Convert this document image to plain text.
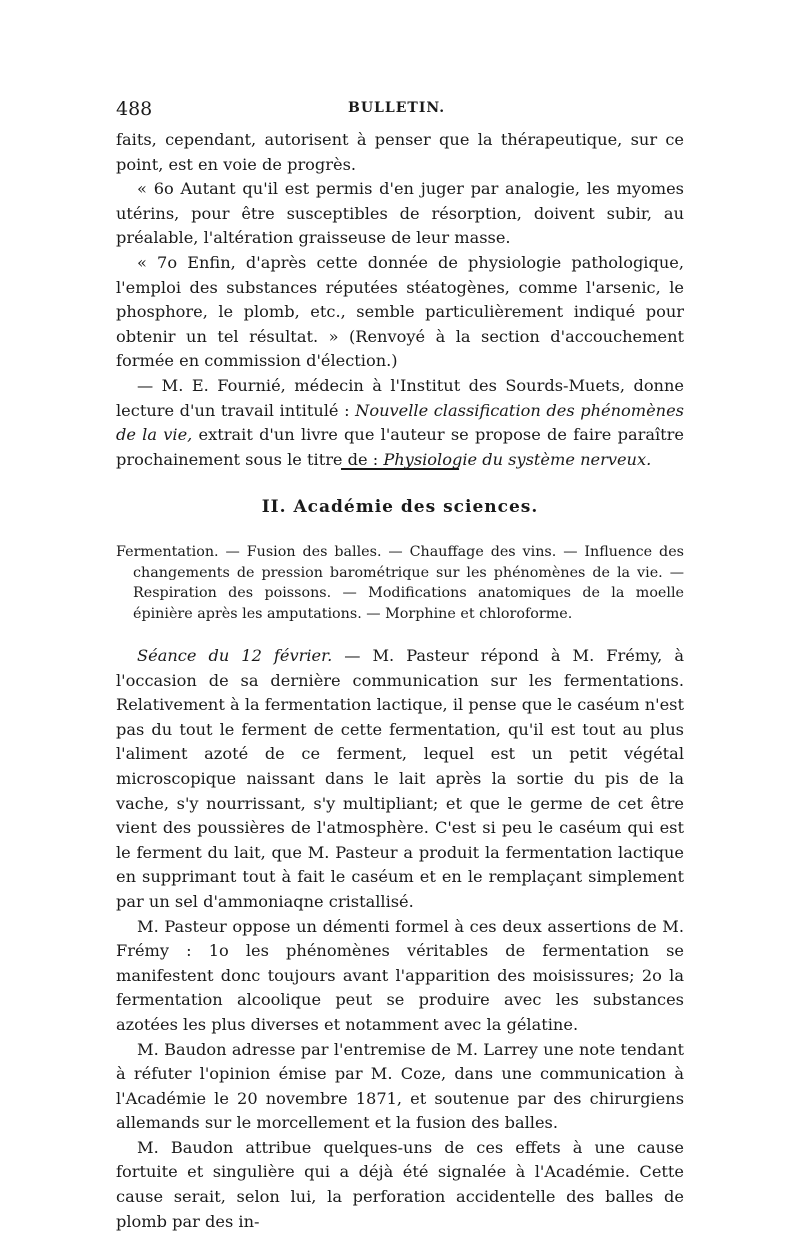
488	BULLETIN.

faits, cependant, autorisent à penser que la thérapeutique, sur ce point, est en voie de progrès.

« 6o Autant qu'il est permis d'en juger par analogie, les myomes utérins, pour être susceptibles de résorption, doivent subir, au préalable, l'altération graisseuse de leur masse.

« 7o Enfin, d'après cette donnée de physiologie pathologique, l'emploi des substances réputées stéatogènes, comme l'arsenic, le phosphore, le plomb, etc., semble particulièrement indiqué pour obtenir un tel résultat. » (Renvoyé à la section d'accouchement formée en commission d'élection.)

— M. E. Fournié, médecin à l'Institut des Sourds-Muets, donne lecture d'un travail intitulé : Nouvelle classification des phénomènes de la vie, extrait d'un livre que l'auteur se propose de faire paraître prochainement sous le titre de : Physiologie du système nerveux.

II. Académie des sciences.

Fermentation. — Fusion des balles. — Chauffage des vins. — Influence des changements de pression barométrique sur les phénomènes de la vie. — Respiration des poissons. — Modifications anatomiques de la moelle épinière après les amputations. — Morphine et chloroforme.

Séance du 12 février. — M. Pasteur répond à M. Frémy, à l'occasion de sa dernière communication sur les fermentations. Relativement à la fermentation lactique, il pense que le caséum n'est pas du tout le ferment de cette fermentation, qu'il est tout au plus l'aliment azoté de ce ferment, lequel est un petit végétal microscopique naissant dans le lait après la sortie du pis de la vache, s'y nourrissant, s'y multipliant; et que le germe de cet être vient des poussières de l'atmosphère. C'est si peu le caséum qui est le ferment du lait, que M. Pasteur a produit la fermentation lactique en supprimant tout à fait le caséum et en le remplaçant simplement par un sel d'ammoniaqne cristallisé.

M. Pasteur oppose un démenti formel à ces deux assertions de M. Frémy : 1o les phénomènes véritables de fermentation se manifestent donc toujours avant l'apparition des moisissures; 2o la fermentation alcoolique peut se produire avec les substances azotées les plus diverses et notamment avec la gélatine.

M. Baudon adresse par l'entremise de M. Larrey une note tendant à réfuter l'opinion émise par M. Coze, dans une communication à l'Académie le 20 novembre 1871, et soutenue par des chirurgiens allemands sur le morcellement et la fusion des balles.

M. Baudon attribue quelques-uns de ces effets à une cause fortuite et singulière qui a déjà été signalée à l'Académie. Cette cause serait, selon lui, la perforation accidentelle des balles de plomb par des in-
